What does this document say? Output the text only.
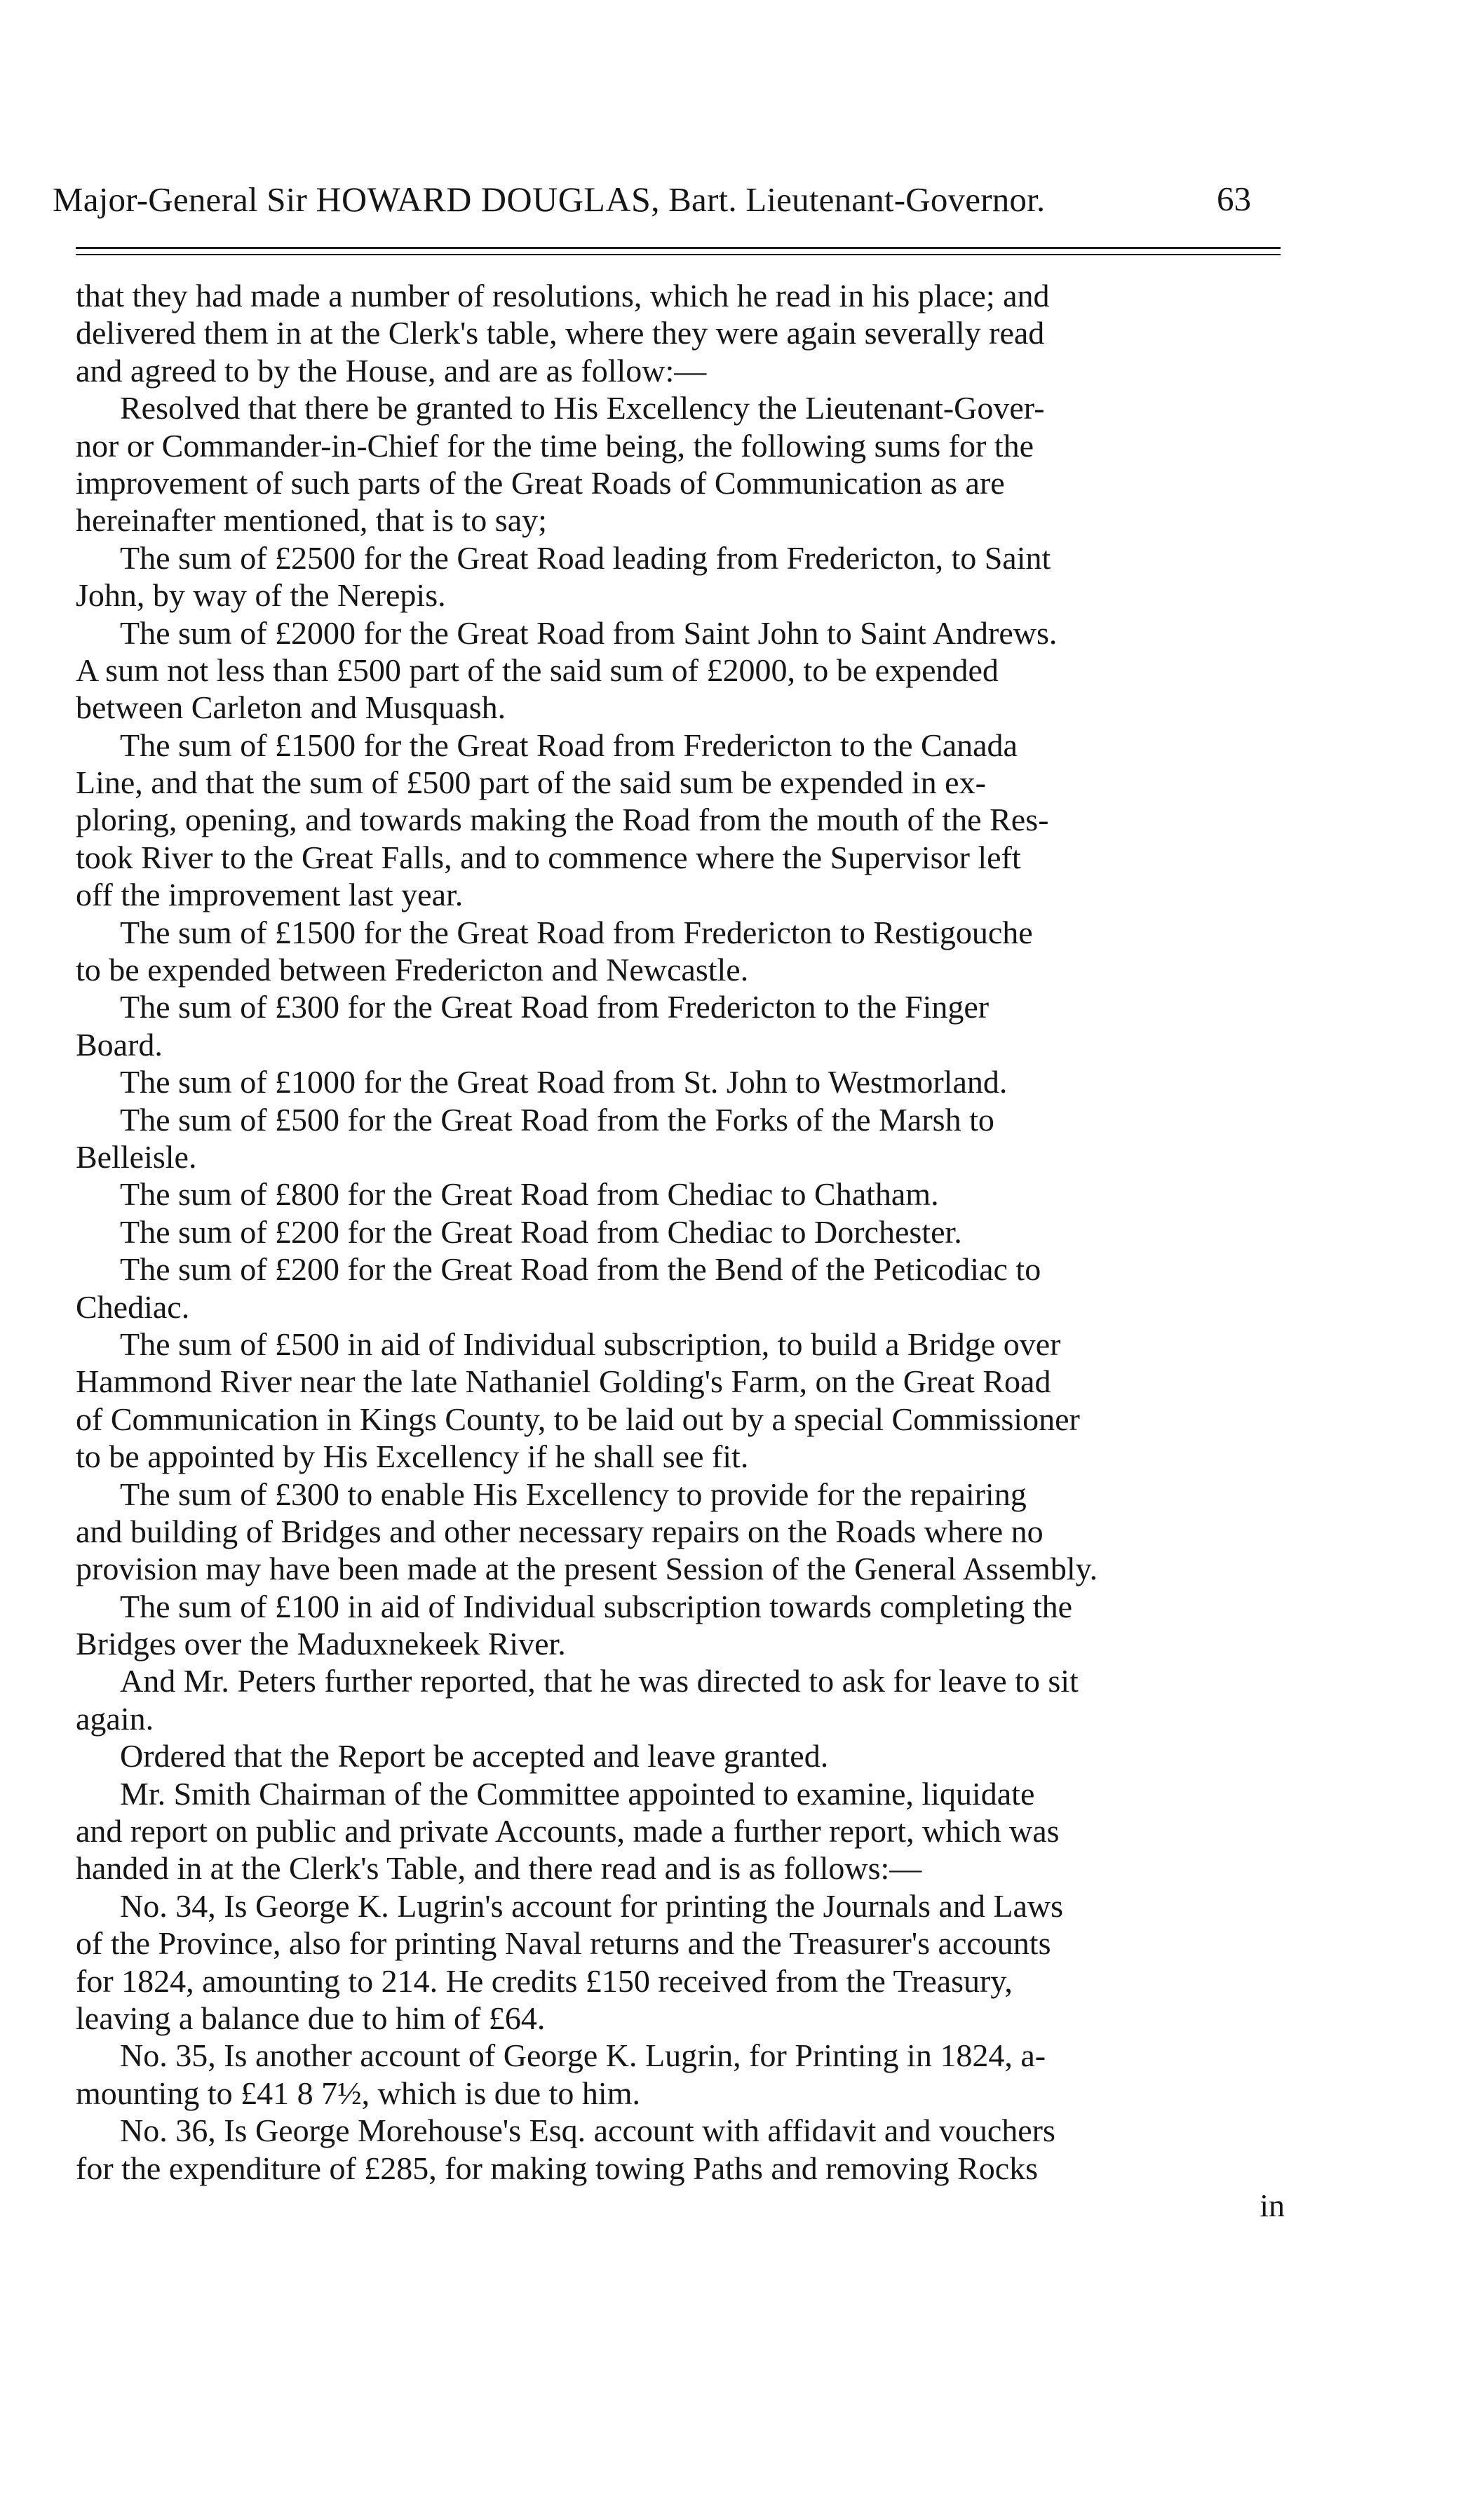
Major-General Sir HOWARD DOUGLAS, Bart. Lieutenant-Governor.	63
that they had made a number of resolutions, which he read in his place; and
delivered them in at the Clerk's table, where they were again severally read
and agreed to by the House, and are as follow:—
Resolved that there be granted to His Excellency the Lieutenant-Gover-
nor or Commander-in-Chief for the time being, the following sums for the
improvement of such parts of the Great Roads of Communication as are
hereinafter mentioned, that is to say;
The sum of £2500 for the Great Road leading from Fredericton, to Saint
John, by way of the Nerepis.
The sum of £2000 for the Great Road from Saint John to Saint Andrews.
A sum not less than £500 part of the said sum of £2000, to be expended
between Carleton and Musquash.
The sum of £1500 for the Great Road from Fredericton to the Canada
Line, and that the sum of £500 part of the said sum be expended in ex-
ploring, opening, and towards making the Road from the mouth of the Res-
took River to the Great Falls, and to commence where the Supervisor left
off the improvement last year.
The sum of £1500 for the Great Road from Fredericton to Restigouche
to be expended between Fredericton and Newcastle.
The sum of £300 for the Great Road from Fredericton to the Finger
Board.
The sum of £1000 for the Great Road from St. John to Westmorland.
The sum of £500 for the Great Road from the Forks of the Marsh to
Belleisle.
The sum of £800 for the Great Road from Chediac to Chatham.
The sum of £200 for the Great Road from Chediac to Dorchester.
The sum of £200 for the Great Road from the Bend of the Peticodiac to
Chediac.
The sum of £500 in aid of Individual subscription, to build a Bridge over
Hammond River near the late Nathaniel Golding's Farm, on the Great Road
of Communication in Kings County, to be laid out by a special Commissioner
to be appointed by His Excellency if he shall see fit.
The sum of £300 to enable His Excellency to provide for the repairing
and building of Bridges and other necessary repairs on the Roads where no
provision may have been made at the present Session of the General Assembly.
The sum of £100 in aid of Individual subscription towards completing the
Bridges over the Maduxnekeek River.
And Mr. Peters further reported, that he was directed to ask for leave to sit
again.
Ordered that the Report be accepted and leave granted.
Mr. Smith Chairman of the Committee appointed to examine, liquidate
and report on public and private Accounts, made a further report, which was
handed in at the Clerk's Table, and there read and is as follows:—
No. 34, Is George K. Lugrin's account for printing the Journals and Laws
of the Province, also for printing Naval returns and the Treasurer's accounts
for 1824, amounting to 214. He credits £150 received from the Treasury,
leaving a balance due to him of £64.
No. 35, Is another account of George K. Lugrin, for Printing in 1824, a-
mounting to £41 8 7½, which is due to him.
No. 36, Is George Morehouse's Esq. account with affidavit and vouchers
for the expenditure of £285, for making towing Paths and removing Rocks
in
